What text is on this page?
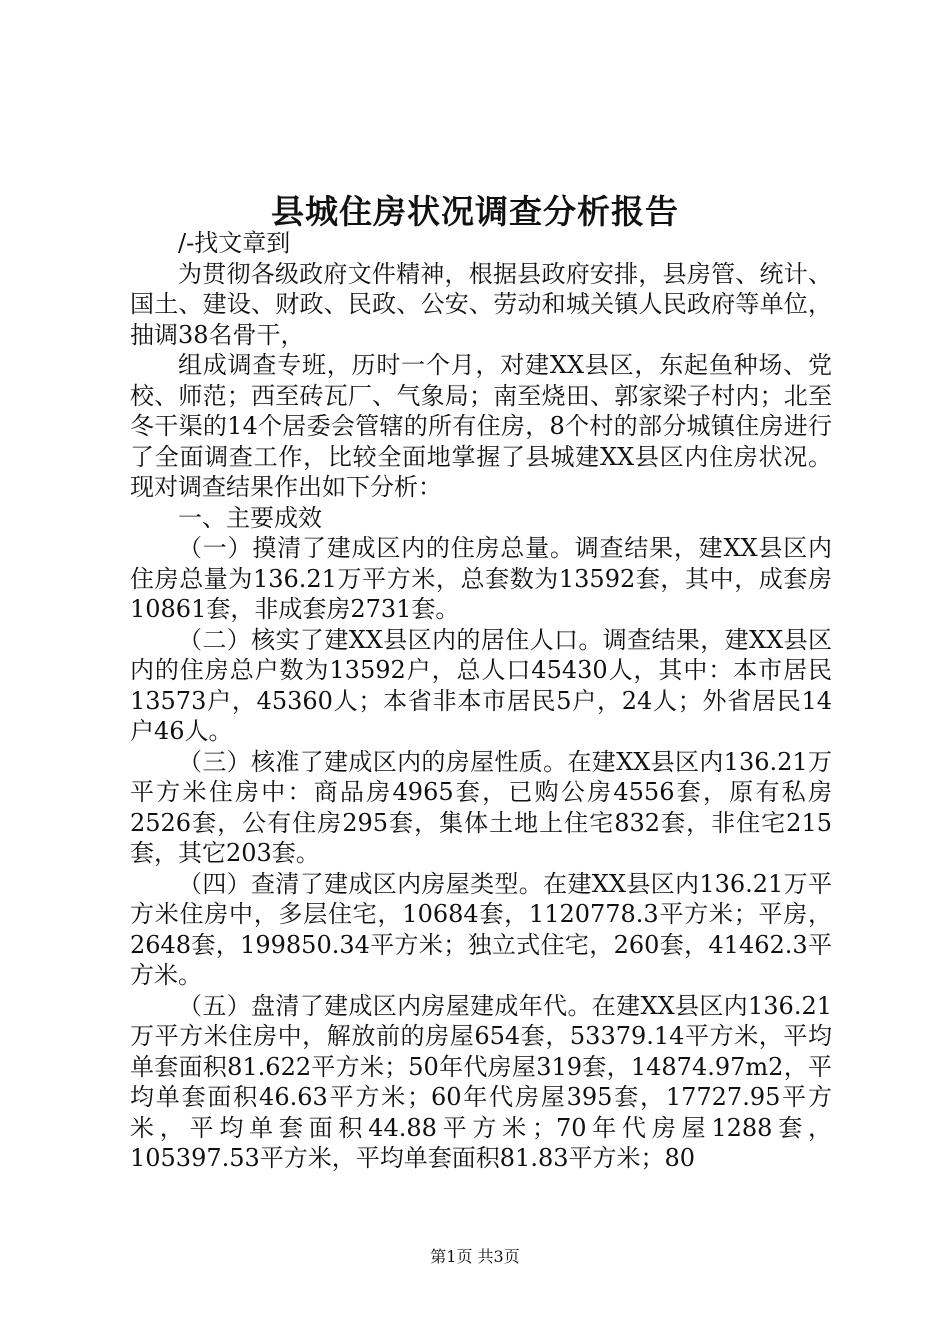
县城住房状况调查分析报告

/-找文章到

为贯彻各级政府文件精神，根据县政府安排，县房管、统计、国土、建设、财政、民政、公安、劳动和城关镇人民政府等单位，抽调38名骨干，

组成调查专班，历时一个月，对建XX县区，东起鱼种场、党校、师范；西至砖瓦厂、气象局；南至烧田、郭家梁子村内；北至冬干渠的14个居委会管辖的所有住房，8个村的部分城镇住房进行了全面调查工作，比较全面地掌握了县城建XX县区内住房状况。现对调查结果作出如下分析：

一、主要成效

（一）摸清了建成区内的住房总量。调查结果，建XX县区内住房总量为136.21万平方米，总套数为13592套，其中，成套房10861套，非成套房2731套。

（二）核实了建XX县区内的居住人口。调查结果，建XX县区内的住房总户数为13592户，总人口45430人，其中：本市居民13573户，45360人；本省非本市居民5户，24人；外省居民14户46人。

（三）核准了建成区内的房屋性质。在建XX县区内136.21万平方米住房中：商品房4965套，已购公房4556套，原有私房2526套，公有住房295套，集体土地上住宅832套，非住宅215套，其它203套。

（四）查清了建成区内房屋类型。在建XX县区内136.21万平方米住房中，多层住宅，10684套，1120778.3平方米；平房，2648套，199850.34平方米；独立式住宅，260套，41462.3平方米。

（五）盘清了建成区内房屋建成年代。在建XX县区内136.21万平方米住房中，解放前的房屋654套，53379.14平方米，平均单套面积81.622平方米；50年代房屋319套，14874.97m2，平均单套面积46.63平方米；60年代房屋395套，17727.95平方米，平均单套面积44.88平方米；70年代房屋1288套，105397.53平方米，平均单套面积81.83平方米；80

第1页 共3页
